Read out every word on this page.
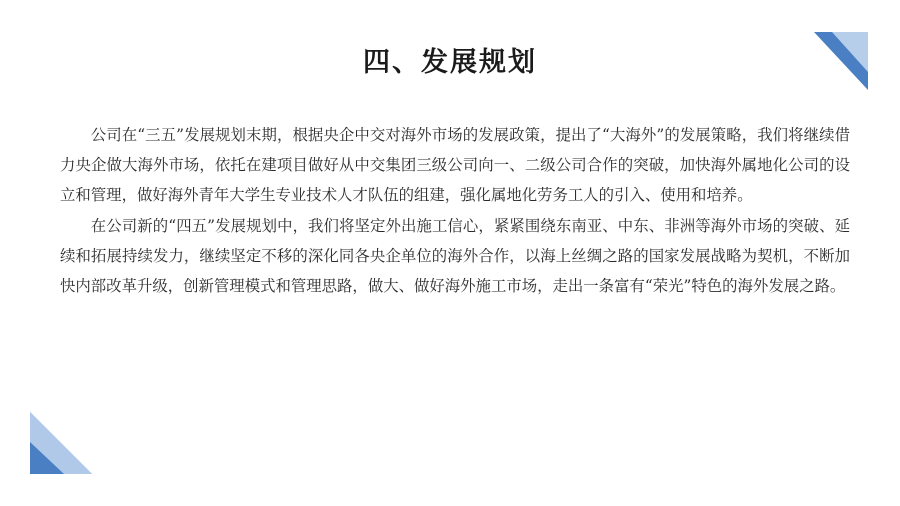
四、发展规划

公司在“三五”发展规划末期，根据央企中交对海外市场的发展政策，提出了“大海外”的发展策略，我们将继续借力央企做大海外市场，依托在建项目做好从中交集团三级公司向一、二级公司合作的突破，加快海外属地化公司的设立和管理，做好海外青年大学生专业技术人才队伍的组建，强化属地化劳务工人的引入、使用和培养。

在公司新的“四五”发展规划中，我们将坚定外出施工信心，紧紧围绕东南亚、中东、非洲等海外市场的突破、延续和拓展持续发力，继续坚定不移的深化同各央企单位的海外合作，以海上丝绸之路的国家发展战略为契机，不断加快内部改革升级，创新管理模式和管理思路，做大、做好海外施工市场，走出一条富有“荣光”特色的海外发展之路。
